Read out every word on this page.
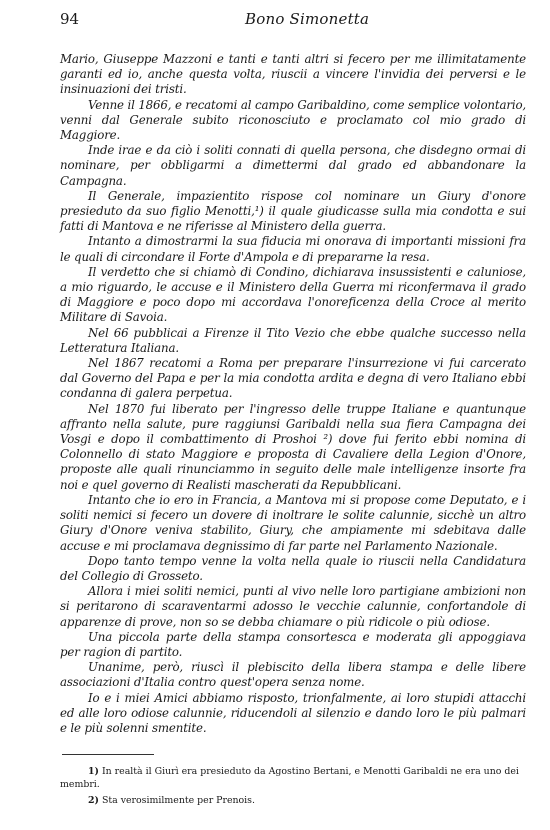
94	Bono Simonetta

Mario, Giuseppe Mazzoni e tanti e tanti altri si fecero per me illimitatamente garanti ed io, anche questa volta, riuscii a vincere l'invidia dei perversi e le insinuazioni dei tristi.

Venne il 1866, e recatomi al campo Garibaldino, come semplice volontario, venni dal Generale subito riconosciuto e proclamato col mio grado di Maggiore.

Inde irae e da ciò i soliti connati di quella persona, che disdegno ormai di nominare, per obbligarmi a dimettermi dal grado ed abbandonare la Campagna.

Il Generale, impazientito rispose col nominare un Giury d'onore presieduto da suo figlio Menotti,¹) il quale giudicasse sulla mia condotta e sui fatti di Mantova e ne riferisse al Ministero della guerra.

Intanto a dimostrarmi la sua fiducia mi onorava di importanti missioni fra le quali di circondare il Forte d'Ampola e di prepararne la resa.

Il verdetto che si chiamò di Condino, dichiarava insussistenti e caluniose, a mio riguardo, le accuse e il Ministero della Guerra mi riconfermava il grado di Maggiore e poco dopo mi accordava l'onoreficenza della Croce al merito Militare di Savoia.

Nel 66 pubblicai a Firenze il Tito Vezio che ebbe qualche successo nella Letteratura Italiana.

Nel 1867 recatomi a Roma per preparare l'insurrezione vi fui carcerato dal Governo del Papa e per la mia condotta ardita e degna di vero Italiano ebbi condanna di galera perpetua.

Nel 1870 fui liberato per l'ingresso delle truppe Italiane e quantunque affranto nella salute, pure raggiunsi Garibaldi nella sua fiera Campagna dei Vosgi e dopo il combattimento di Proshoi ²) dove fui ferito ebbi nomina di Colonnello di stato Maggiore e proposta di Cavaliere della Legion d'Onore, proposte alle quali rinunciammo in seguito delle male intelligenze insorte fra noi e quel governo di Realisti mascherati da Repubblicani.

Intanto che io ero in Francia, a Mantova mi si propose come Deputato, e i soliti nemici si fecero un dovere di inoltrare le solite calunnie, sicchè un altro Giury d'Onore veniva stabilito, Giury, che ampiamente mi sdebitava dalle accuse e mi proclamava degnissimo di far parte nel Parlamento Nazionale.

Dopo tanto tempo venne la volta nella quale io riuscii nella Candidatura del Collegio di Grosseto.

Allora i miei soliti nemici, punti al vivo nelle loro partigiane ambizioni non si peritarono di scaraventarmi adosso le vecchie calunnie, confortandole di apparenze di prove, non so se debba chiamare o più ridicole o più odiose.

Una piccola parte della stampa consortesca e moderata gli appoggiava per ragion di partito.

Unanime, però, riuscì il plebiscito della libera stampa e delle libere associazioni d'Italia contro quest'opera senza nome.

Io e i miei Amici abbiamo risposto, trionfalmente, ai loro stupidi attacchi ed alle loro odiose calunnie, riducendoli al silenzio e dando loro le più palmari e le più solenni smentite.

1) In realtà il Giurì era presieduto da Agostino Bertani, e Menotti Garibaldi ne era uno dei membri.

2) Sta verosimilmente per Prenois.
